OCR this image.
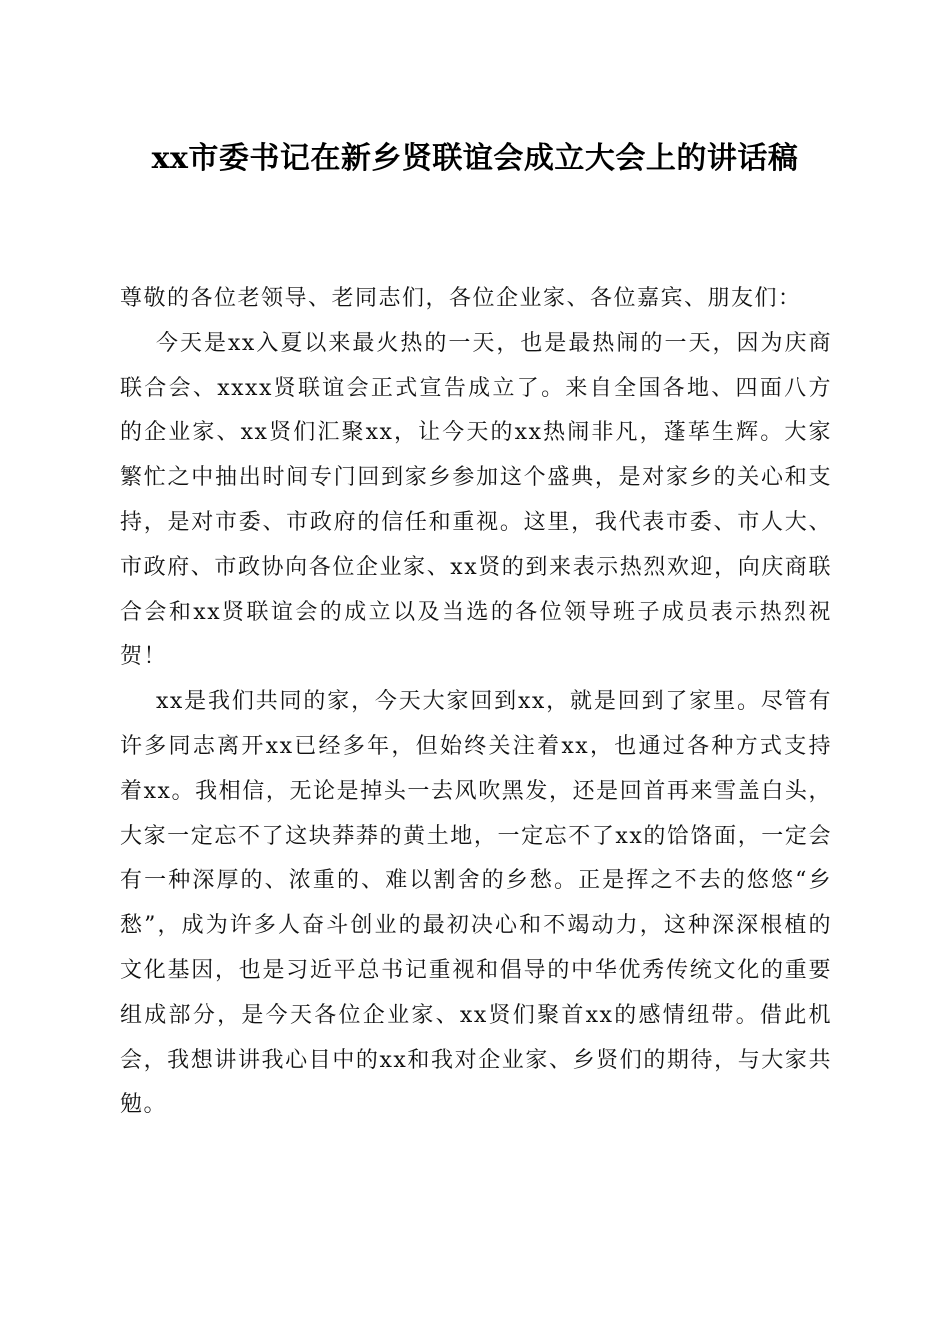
xx市委书记在新乡贤联谊会成立大会上的讲话稿

尊敬的各位老领导、老同志们，各位企业家、各位嘉宾、朋友们：

今天是xx入夏以来最火热的一天，也是最热闹的一天，因为庆商联合会、xxxx贤联谊会正式宣告成立了。来自全国各地、四面八方的企业家、xx贤们汇聚xx，让今天的xx热闹非凡，蓬荜生辉。大家繁忙之中抽出时间专门回到家乡参加这个盛典，是对家乡的关心和支持，是对市委、市政府的信任和重视。这里，我代表市委、市人大、市政府、市政协向各位企业家、xx贤的到来表示热烈欢迎，向庆商联合会和xx贤联谊会的成立以及当选的各位领导班子成员表示热烈祝贺！

xx是我们共同的家，今天大家回到xx，就是回到了家里。尽管有许多同志离开xx已经多年，但始终关注着xx，也通过各种方式支持着xx。我相信，无论是掉头一去风吹黑发，还是回首再来雪盖白头，大家一定忘不了这块莽莽的黄土地，一定忘不了xx的饸饹面，一定会有一种深厚的、浓重的、难以割舍的乡愁。正是挥之不去的悠悠“乡愁”，成为许多人奋斗创业的最初决心和不竭动力，这种深深根植的文化基因，也是习近平总书记重视和倡导的中华优秀传统文化的重要组成部分，是今天各位企业家、xx贤们聚首xx的感情纽带。借此机会，我想讲讲我心目中的xx和我对企业家、乡贤们的期待，与大家共勉。
